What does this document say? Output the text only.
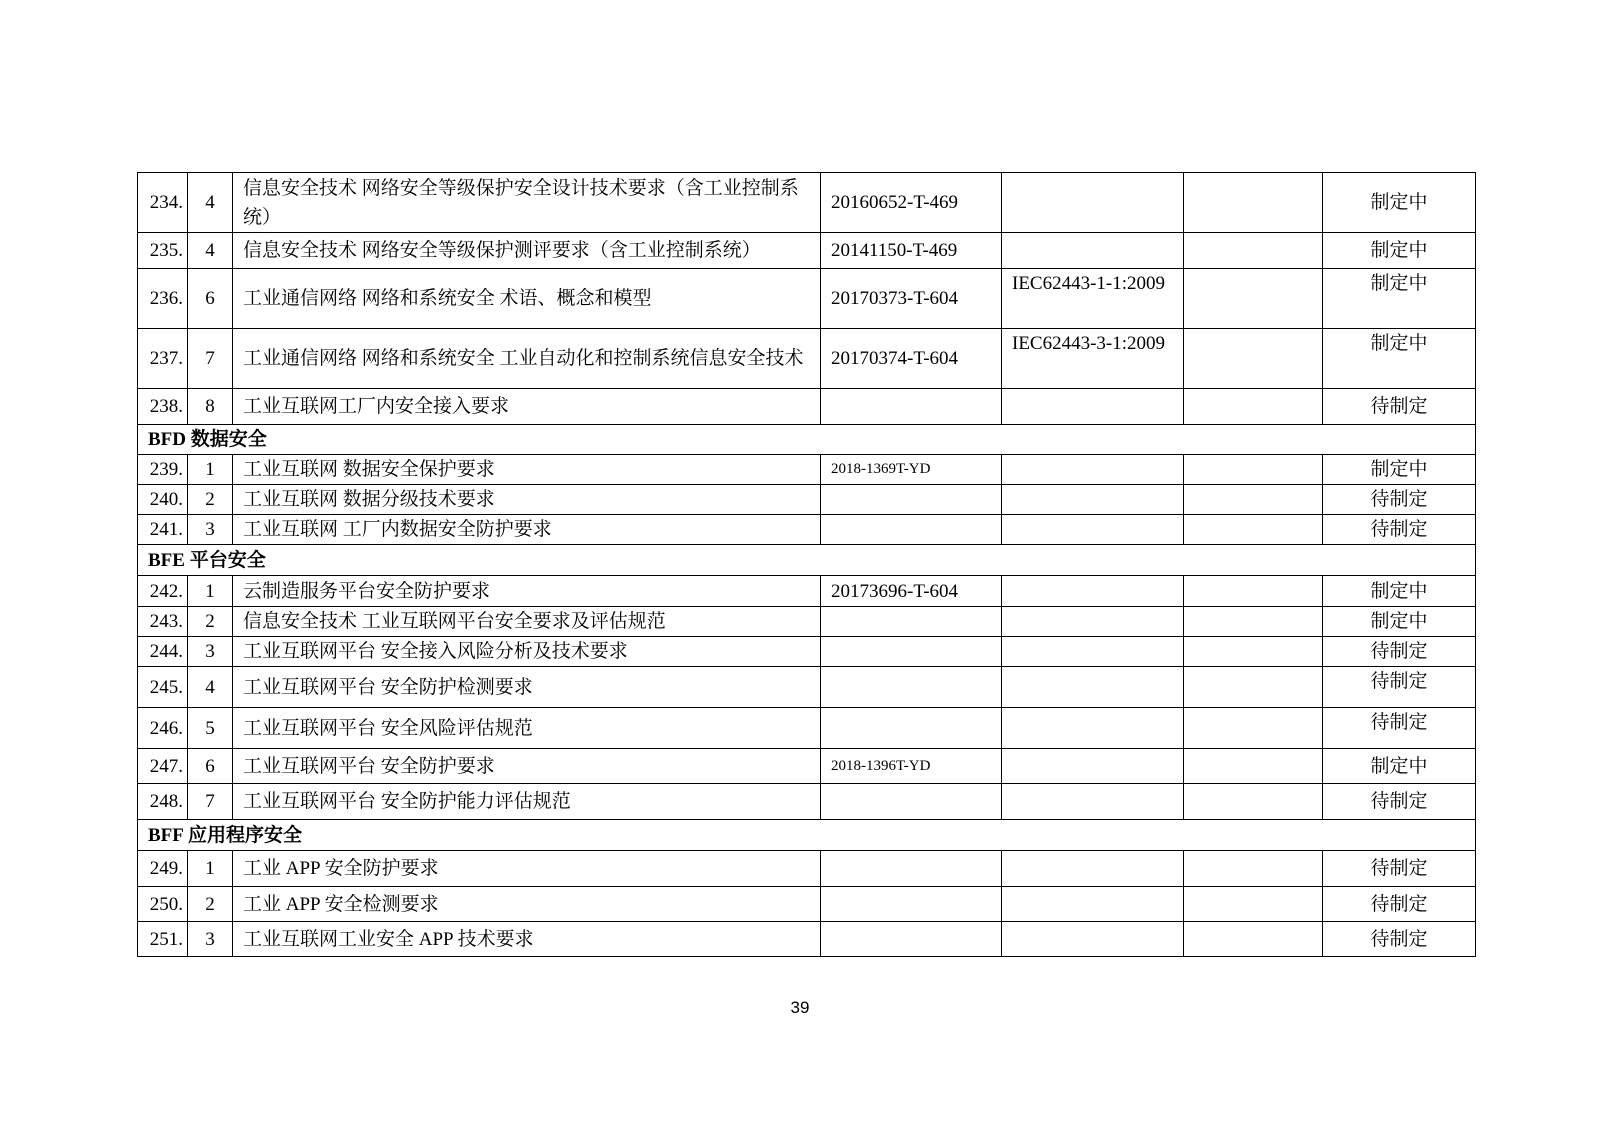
234.	4	信息安全技术 网络安全等级保护安全设计技术要求（含工业控制系统）	20160652-T-469			制定中
235.	4	信息安全技术 网络安全等级保护测评要求（含工业控制系统）	20141150-T-469			制定中
236.	6	工业通信网络 网络和系统安全 术语、概念和模型	20170373-T-604	IEC62443-1-1:2009		制定中
237.	7	工业通信网络 网络和系统安全 工业自动化和控制系统信息安全技术	20170374-T-604	IEC62443-3-1:2009		制定中
238.	8	工业互联网工厂内安全接入要求				待制定
BFD 数据安全						
239.	1	工业互联网 数据安全保护要求	2018-1369T-YD			制定中
240.	2	工业互联网 数据分级技术要求				待制定
241.	3	工业互联网 工厂内数据安全防护要求				待制定
BFE 平台安全						
242.	1	云制造服务平台安全防护要求	20173696-T-604			制定中
243.	2	信息安全技术 工业互联网平台安全要求及评估规范				制定中
244.	3	工业互联网平台 安全接入风险分析及技术要求				待制定
245.	4	工业互联网平台 安全防护检测要求				待制定
246.	5	工业互联网平台 安全风险评估规范				待制定
247.	6	工业互联网平台 安全防护要求	2018-1396T-YD			制定中
248.	7	工业互联网平台 安全防护能力评估规范				待制定
BFF 应用程序安全						
249.	1	工业 APP 安全防护要求				待制定
250.	2	工业 APP 安全检测要求				待制定
251.	3	工业互联网工业安全 APP 技术要求				待制定
39
